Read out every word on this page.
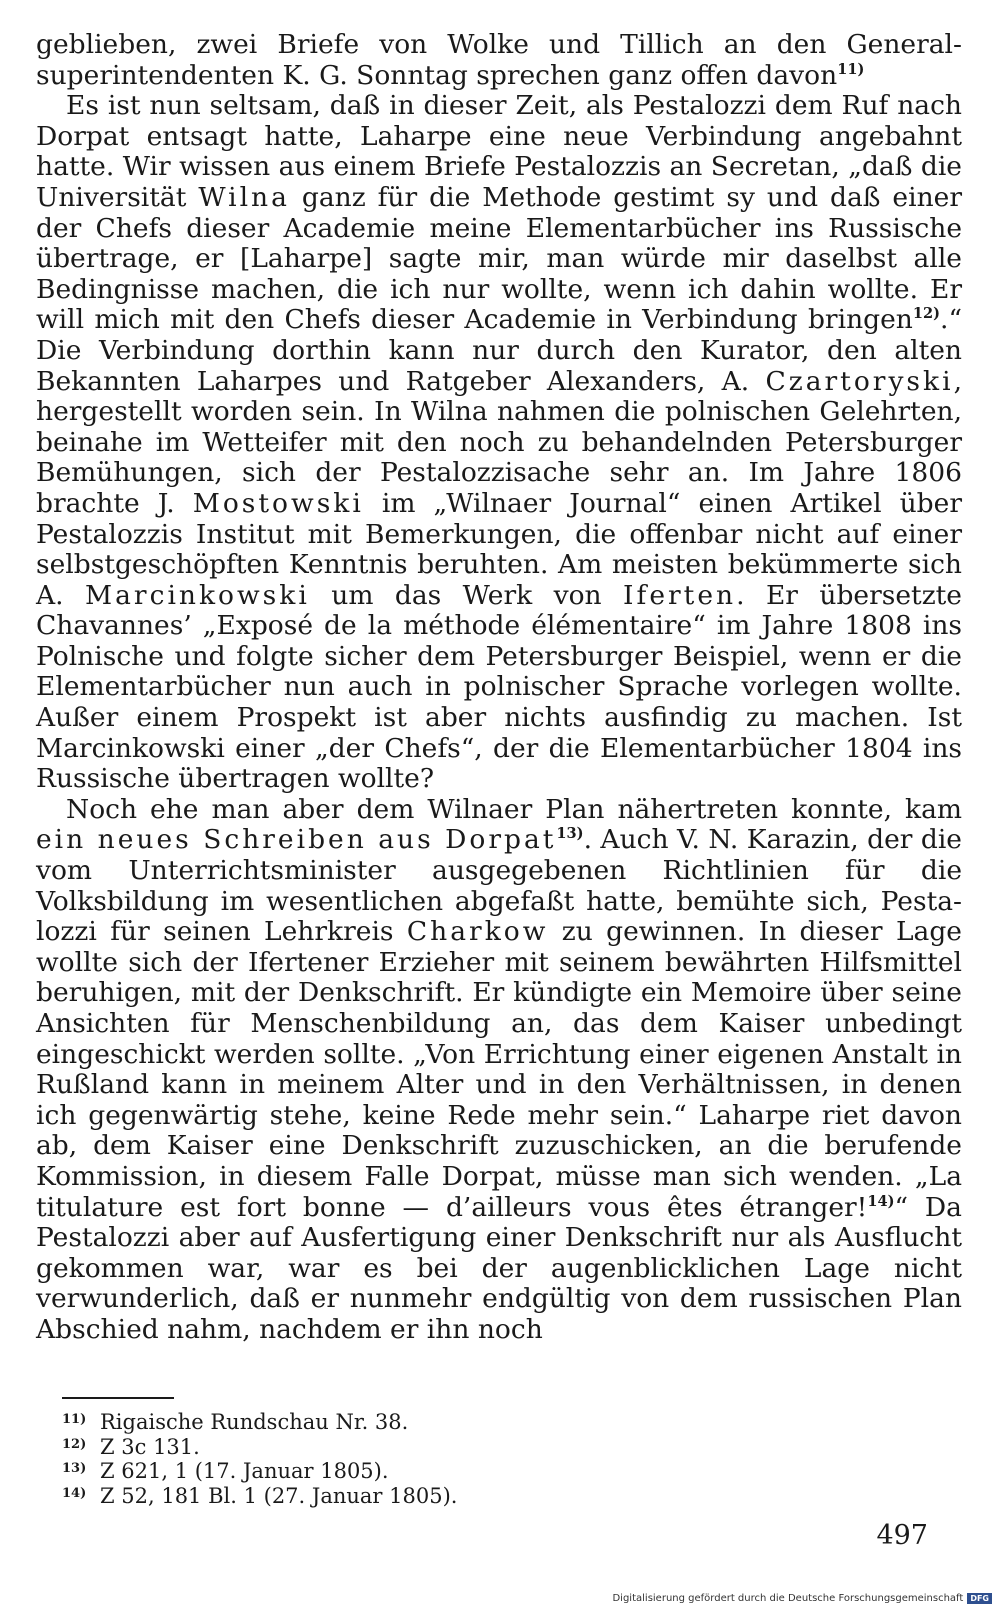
geblieben, zwei Briefe von Wolke und Tillich an den Generalsuperintendenten K. G. Sonntag sprechen ganz offen davon$^{11)}$

Es ist nun seltsam, daß in dieser Zeit, als Pestalozzi dem Ruf nach Dorpat entsagt hatte, Laharpe eine neue Verbindung angebahnt hatte. Wir wissen aus einem Briefe Pestalozzis an Secretan, „daß die Universität Wilna ganz für die Methode gestimt sy und daß einer der Chefs dieser Academie meine Elementarbücher ins Russische übertrage, er [Laharpe] sagte mir, man würde mir daselbst alle Bedingnisse machen, die ich nur wollte, wenn ich dahin wollte. Er will mich mit den Chefs dieser Academie in Verbindung bringen$^{12)}$.“ Die Verbindung dorthin kann nur durch den Kurator, den alten Bekannten Laharpes und Ratgeber Alexanders, A. Czartoryski, hergestellt worden sein. In Wilna nahmen die polnischen Gelehrten, beinahe im Wetteifer mit den noch zu behandelnden Petersburger Bemühungen, sich der Pestalozzisache sehr an. Im Jahre 1806 brachte J. Mostowski im „Wilnaer Journal“ einen Artikel über Pestalozzis Institut mit Bemerkungen, die offenbar nicht auf einer selbstgeschöpften Kenntnis beruhten. Am meisten bekümmerte sich A. Marcinkowski um das Werk von Iferten. Er übersetzte Chavannes’ „Exposé de la méthode élémentaire“ im Jahre 1808 ins Polnische und folgte sicher dem Petersburger Beispiel, wenn er die Elementarbücher nun auch in polnischer Sprache vorlegen wollte. Außer einem Prospekt ist aber nichts ausfindig zu machen. Ist Marcinkowski einer „der Chefs“, der die Elementarbücher 1804 ins Russische übertragen wollte?

Noch ehe man aber dem Wilnaer Plan nähertreten konnte, kam ein neues Schreiben aus Dorpat$^{13)}$. Auch V. N. Karazin, der die vom Unterrichtsminister ausgegebenen Richtlinien für die Volksbildung im wesentlichen abgefaßt hatte, bemühte sich, Pestalozzi für seinen Lehrkreis Charkow zu gewinnen. In dieser Lage wollte sich der Ifertener Erzieher mit seinem bewährten Hilfsmittel beruhigen, mit der Denkschrift. Er kündigte ein Memoire über seine Ansichten für Menschenbildung an, das dem Kaiser unbedingt eingeschickt werden sollte. „Von Errichtung einer eigenen Anstalt in Rußland kann in meinem Alter und in den Verhältnissen, in denen ich gegenwärtig stehe, keine Rede mehr sein.“ Laharpe riet davon ab, dem Kaiser eine Denkschrift zuzuschicken, an die berufende Kommission, in diesem Falle Dorpat, müsse man sich wenden. „La titulature est fort bonne — d’ailleurs vous êtes étranger!$^{14)}$“ Da Pestalozzi aber auf Ausfertigung einer Denkschrift nur als Ausflucht gekommen war, war es bei der augenblicklichen Lage nicht verwunderlich, daß er nunmehr endgültig von dem russischen Plan Abschied nahm, nachdem er ihn noch

11) Rigaische Rundschau Nr. 38.
12) Z 3c 131.
13) Z 621, 1 (17. Januar 1805).
14) Z 52, 181 Bl. 1 (27. Januar 1805).
497
Digitalisierung gefördert durch die Deutsche Forschungsgemeinschaft DFG
